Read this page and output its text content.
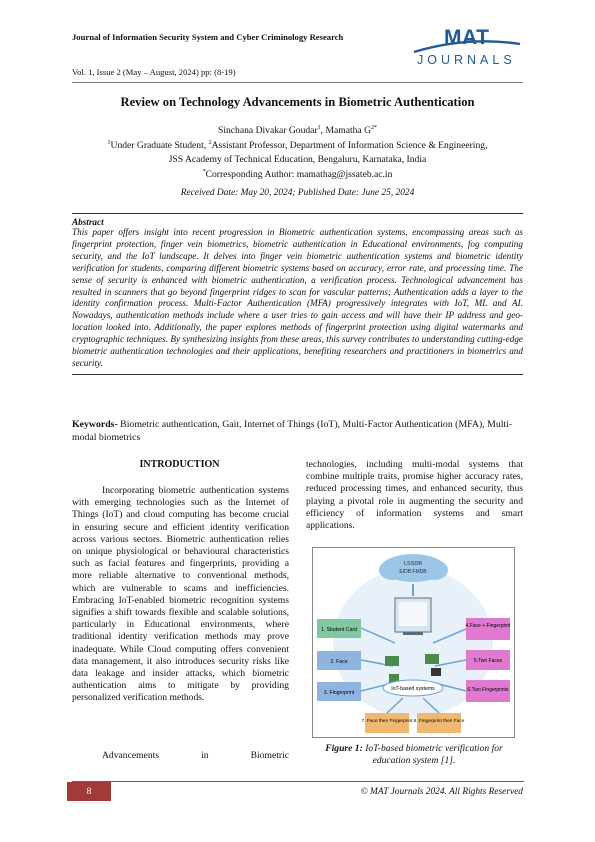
Journal of Information Security System and Cyber Criminology Research
Vol. 1, Issue 2 (May – August, 2024) pp: (8-19)
MAT
JOURNALS
Review on Technology Advancements in Biometric Authentication
Sinchana Divakar Goudar$^1$, Mamatha $G^{2*}$
$^1$Under Graduate Student, $^2$Assistant Professor, Department of Information Science & Engineering,
JSS Academy of Technical Education, Bengaluru, Karnataka, India
*Corresponding Author: mamathag@jssateb.ac.in
Received Date: May 20, 2024; Published Date: June 25, 2024
Abstract
This paper offers insight into recent progression in Biometric authentication systems, encompassing areas such as fingerprint protection, finger vein biometrics, biometric authentication in Educational environments, fog computing security, and the IoT landscape. It delves into finger vein biometric authentication systems and biometric identity verification for students, comparing different biometric systems based on accuracy, error rate, and processing time. The sense of security is enhanced with biometric authentication, a verification process. Technological advancement has resulted in scanners that go beyond fingerprint ridges to scan for vascular patterns; Authentication adds a layer to the identity confirmation process. Multi-Factor Authentication (MFA) progressively integrates with IoT, ML and AI. Nowadays, authentication methods include where a user tries to gain access and will have their IP address and geo-location looked into. Additionally, the paper explores methods of fingerprint protection using digital watermarks and cryptographic techniques. By synthesizing insights from these areas, this survey contributes to understanding cutting-edge biometric authentication technologies and their applications, benefiting researchers and practitioners in biometrics and security.
Keywords- Biometric authentication, Gait, Internet of Things (IoT), Multi-Factor Authentication (MFA), Multi-modal biometrics
INTRODUCTION
Incorporating biometric authentication systems with emerging technologies such as the Internet of Things (IoT) and cloud computing has become crucial in ensuring secure and efficient identity verification across various sectors. Biometric authentication relies on unique physiological or behavioural characteristics such as facial features and fingerprints, providing a more reliable alternative to conventional methods, which are vulnerable to scams and inefficiencies. Embracing IoT-enabled biometric recognition systems signifies a shift towards flexible and scalable solutions, particularly in Educational environments, where traditional identity verification methods may prove inadequate. While Cloud computing offers convenient data management, it also introduces security risks like data leakage and insider attacks, which biometric authentication aims to mitigate by providing personalized verification methods.
Advancements in Biometric
technologies, including multi-modal systems that combine multiple traits, promise higher accuracy rates, reduced processing times, and enhanced security, thus playing a pivotal role in augmenting the security and efficiency of information systems and smart applications.
LSSDB
EIDB FMDB
1. Student Card
2. Face
3. Fingerprint
4.Face + Fingerprint
5.Two Faces
6.Two Fingerprints
7. Face then Fingerprint 8. Fingerprint then Face
IoT-based systems
Figure 1: IoT-based biometric verification for education system [1].
8	© MAT Journals 2024. All Rights Reserved
